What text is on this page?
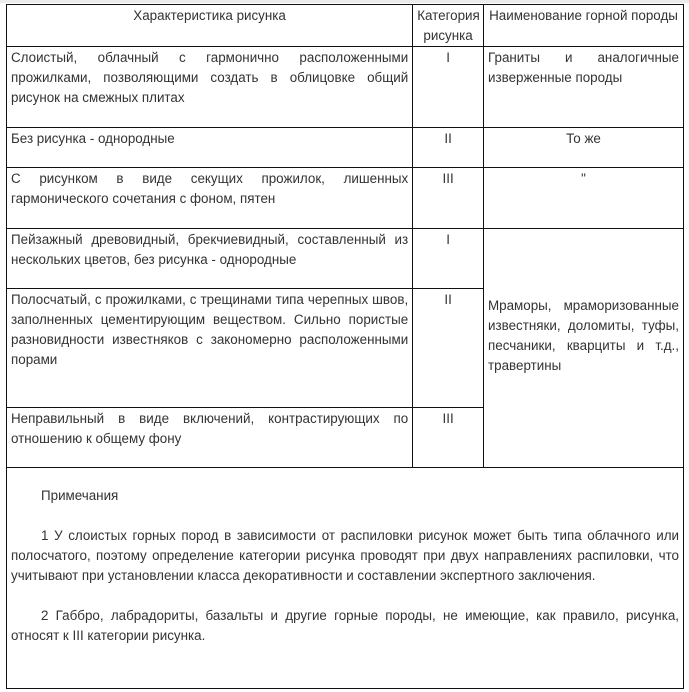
Характеристика рисунка	Категория рисунка	Наименование горной породы
Слоистый, облачный с гармонично расположенными прожилками, позволяющими создать в облицовке общий рисунок на смежных плитах	I	Граниты и аналогичные изверженные породы
Без рисунка - однородные	II	То же
С рисунком в виде секущих прожилок, лишенных гармонического сочетания с фоном, пятен	III	"
Пейзажный древовидный, брекчиевидный, составленный из нескольких цветов, без рисунка - однородные	I	Мраморы, мраморизованные известняки, доломиты, туфы, песчаники, кварциты и т.д., травертины
Полосчатый, с прожилками, с трещинами типа черепных швов, заполненных цементирующим веществом. Сильно пористые разновидности известняков с закономерно расположенными порами	II	
Неправильный в виде включений, контрастирующих по отношению к общему фону	III	

Примечания

1 У слоистых горных пород в зависимости от распиловки рисунок может быть типа облачного или полосчатого, поэтому определение категории рисунка проводят при двух направлениях распиловки, что учитывают при установлении класса декоративности и составлении экспертного заключения.

2 Габбро, лабрадориты, базальты и другие горные породы, не имеющие, как правило, рисунка, относят к III категории рисунка.		
